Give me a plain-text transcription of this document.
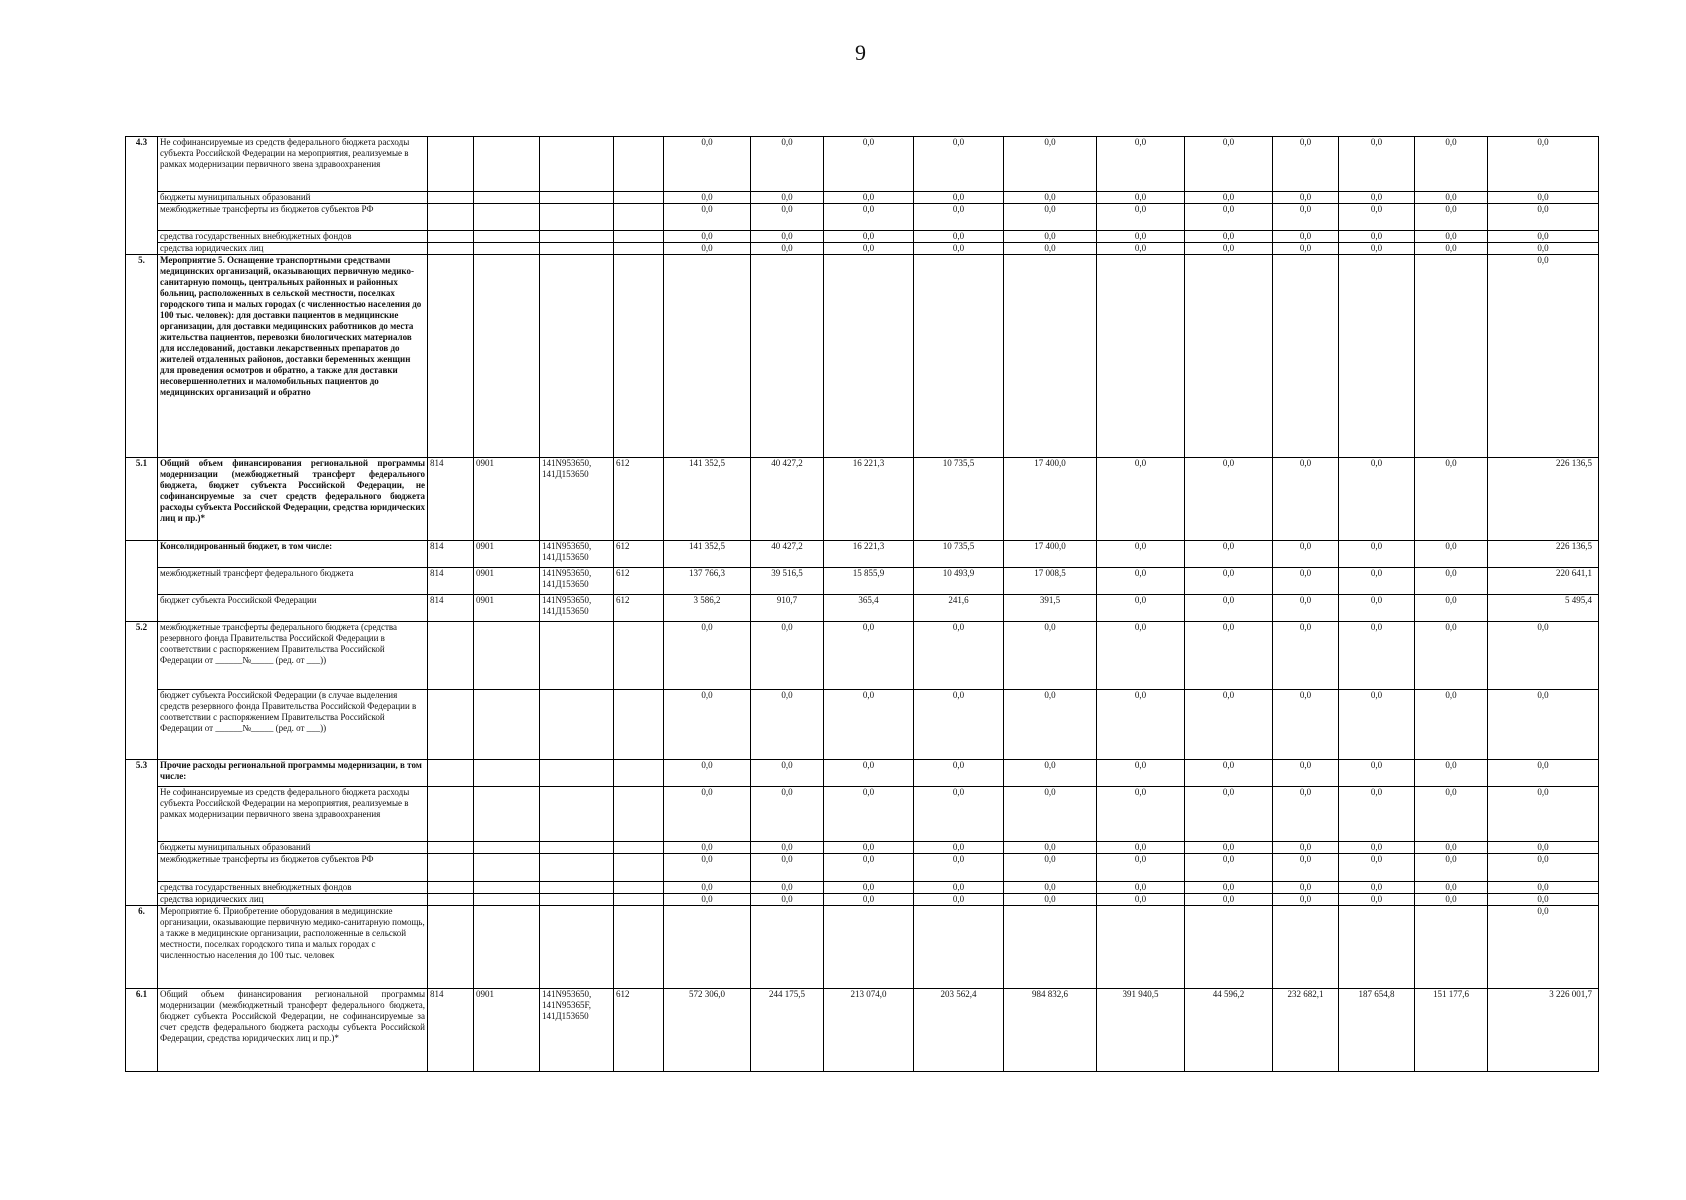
9
4.3	Не софинансируемые из средств федерального бюджета расходы субъекта Российской Федерации на мероприятия, реализуемые в рамках модернизации первичного звена здравоохранения					0,0	0,0	0,0	0,0	0,0	0,0	0,0	0,0	0,0	0,0	0,0
	бюджеты муниципальных образований					0,0	0,0	0,0	0,0	0,0	0,0	0,0	0,0	0,0	0,0	0,0
	межбюджетные трансферты из бюджетов субъектов РФ					0,0	0,0	0,0	0,0	0,0	0,0	0,0	0,0	0,0	0,0	0,0
	средства государственных внебюджетных фондов					0,0	0,0	0,0	0,0	0,0	0,0	0,0	0,0	0,0	0,0	0,0
	средства юридических лиц					0,0	0,0	0,0	0,0	0,0	0,0	0,0	0,0	0,0	0,0	0,0
5.	Мероприятие 5. Оснащение транспортными средствами медицинских организаций, оказывающих первичную медико-санитарную помощь, центральных районных и районных больниц, расположенных в сельской местности, поселках городского типа и малых городах (с численностью населения до 100 тыс. человек): для доставки пациентов в медицинские организации, для доставки медицинских работников до места жительства пациентов, перевозки биологических материалов для исследований, доставки лекарственных препаратов до жителей отдаленных районов, доставки беременных женщин для проведения осмотров и обратно, а также для доставки несовершеннолетних и маломобильных пациентов до медицинских организаций и обратно															0,0
5.1	Общий объем финансирования региональной программы модернизации (межбюджетный трансферт федерального бюджета, бюджет субъекта Российской Федерации, не софинансируемые за счет средств федерального бюджета расходы субъекта Российской Федерации, средства юридических лиц и пр.)*	814	0901	141N953650, 141Д153650	612	141 352,5	40 427,2	16 221,3	10 735,5	17 400,0	0,0	0,0	0,0	0,0	0,0	226 136,5
	Консолидированный бюджет, в том числе:	814	0901	141N953650, 141Д153650	612	141 352,5	40 427,2	16 221,3	10 735,5	17 400,0	0,0	0,0	0,0	0,0	0,0	226 136,5
	межбюджетный трансферт федерального бюджета	814	0901	141N953650, 141Д153650	612	137 766,3	39 516,5	15 855,9	10 493,9	17 008,5	0,0	0,0	0,0	0,0	0,0	220 641,1
	бюджет субъекта Российской Федерации	814	0901	141N953650, 141Д153650	612	3 586,2	910,7	365,4	241,6	391,5	0,0	0,0	0,0	0,0	0,0	5 495,4
5.2	межбюджетные трансферты федерального бюджета (средства резервного фонда Правительства Российской Федерации в соответствии с распоряжением Правительства Российской Федерации от ______№_____ (ред. от ___))					0,0	0,0	0,0	0,0	0,0	0,0	0,0	0,0	0,0	0,0	0,0
	бюджет субъекта Российской Федерации (в случае выделения средств резервного фонда Правительства Российской Федерации в соответствии с распоряжением Правительства Российской Федерации от ______№_____ (ред. от ___))					0,0	0,0	0,0	0,0	0,0	0,0	0,0	0,0	0,0	0,0	0,0
5.3	Прочие расходы региональной программы модернизации, в том числе:					0,0	0,0	0,0	0,0	0,0	0,0	0,0	0,0	0,0	0,0	0,0
	Не софинансируемые из средств федерального бюджета расходы субъекта Российской Федерации на мероприятия, реализуемые в рамках модернизации первичного звена здравоохранения					0,0	0,0	0,0	0,0	0,0	0,0	0,0	0,0	0,0	0,0	0,0
	бюджеты муниципальных образований					0,0	0,0	0,0	0,0	0,0	0,0	0,0	0,0	0,0	0,0	0,0
	межбюджетные трансферты из бюджетов субъектов РФ					0,0	0,0	0,0	0,0	0,0	0,0	0,0	0,0	0,0	0,0	0,0
	средства государственных внебюджетных фондов					0,0	0,0	0,0	0,0	0,0	0,0	0,0	0,0	0,0	0,0	0,0
	средства юридических лиц					0,0	0,0	0,0	0,0	0,0	0,0	0,0	0,0	0,0	0,0	0,0
6.	Мероприятие 6. Приобретение оборудования в медицинские организации, оказывающие первичную медико-санитарную помощь, а также в медицинские организации, расположенные в сельской местности, поселках городского типа и малых городах с численностью населения до 100 тыс. человек															0,0
6.1	Общий объем финансирования региональной программы модернизации (межбюджетный трансферт федерального бюджета, бюджет субъекта Российской Федерации, не софинансируемые за счет средств федерального бюджета расходы субъекта Российской Федерации, средства юридических лиц и пр.)*	814	0901	141N953650, 141N95365F, 141Д153650	612	572 306,0	244 175,5	213 074,0	203 562,4	984 832,6	391 940,5	44 596,2	232 682,1	187 654,8	151 177,6	3 226 001,7
